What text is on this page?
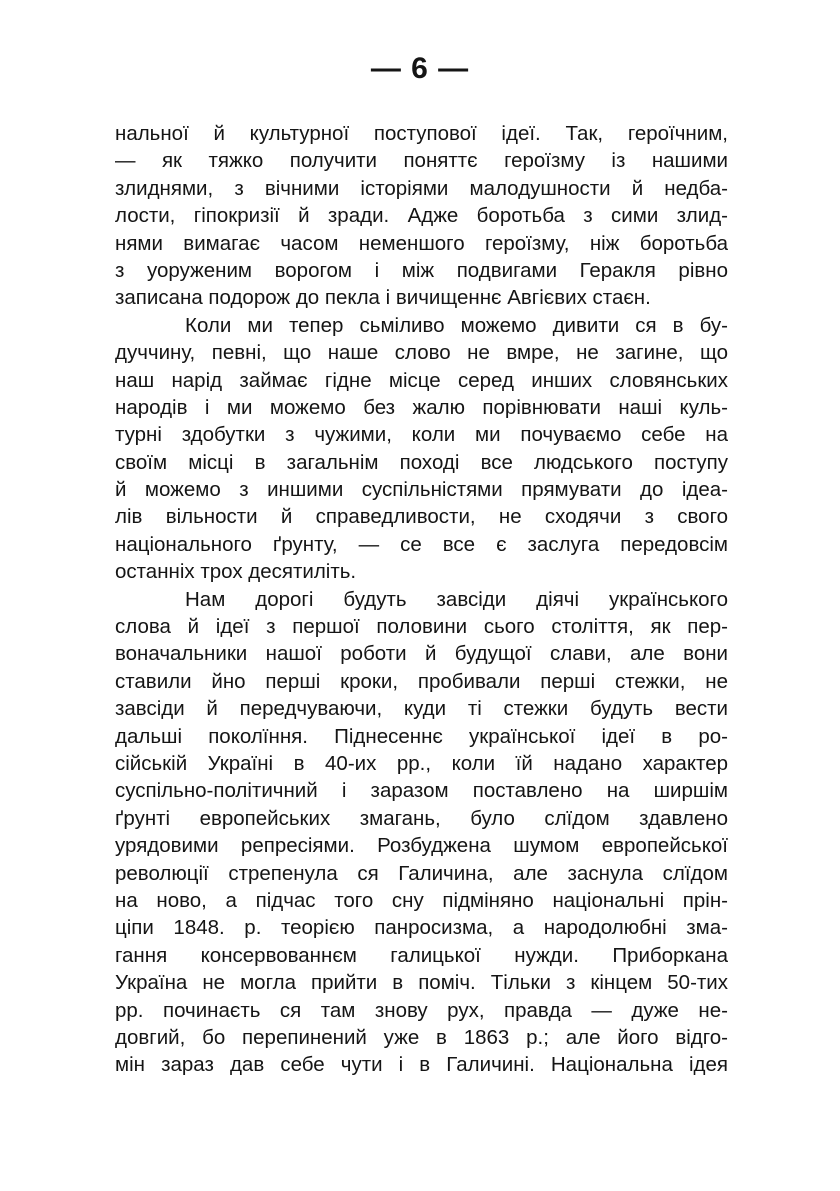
— 6 —
нальної й культурної поступової ідеї. Так, героїчним,
— як тяжко получити поняттє героїзму із нашими
злиднями, з вічними історіями малодушности й недба-
лости, гіпокризії й зради. Адже боротьба з сими злид-
нями вимагає часом неменшого героїзму, ніж боротьба
з уоруженим ворогом і між подвигами Геракля рівно
записана подорож до пекла і вичищеннє Авгієвих стаєн.
Коли ми тепер сьміливо можемо дивити ся в бу-
дуччину, певні, що наше слово не вмре, не загине, що
наш нарід займає гідне місце серед инших словянських
народів і ми можемо без жалю порівнювати наші куль-
турні здобутки з чужими, коли ми почуваємо себе на
своїм місці в загальнім поході все людського поступу
й можемо з иншими суспільністями прямувати до ідеа-
лів вільности й справедливости, не сходячи з свого
національного ґрунту, — се все є заслуга передовсім
останніх трох десятиліть.
Нам дорогі будуть завсіди діячі українського
слова й ідеї з першої половини сього століття, як пер-
воначальники нашої роботи й будущої слави, але вони
ставили йно перші кроки, пробивали перші стежки, не
завсіди й передчуваючи, куди ті стежки будуть вести
дальші поколїння. Піднесеннє української ідеї в ро-
сійській Україні в 40-их рр., коли їй надано характер
суспільно-політичний і заразом поставлено на ширшім
ґрунті европейських змагань, було слїдом здавлено
урядовими репресіями. Розбуджена шумом европейської
революції стрепенула ся Галичина, але заснула слїдом
на ново, а підчас того сну підміняно національні прін-
ціпи 1848. р. теорією панросизма, а народолюбні зма-
гання консервованнєм галицької нужди. Приборкана
Україна не могла прийти в поміч. Тільки з кінцем 50-тих
рр. починаєть ся там знову рух, правда — дуже не-
довгий, бо перепинений уже в 1863 р.; але його відго-
мін зараз дав себе чути і в Галичині. Національна ідея
